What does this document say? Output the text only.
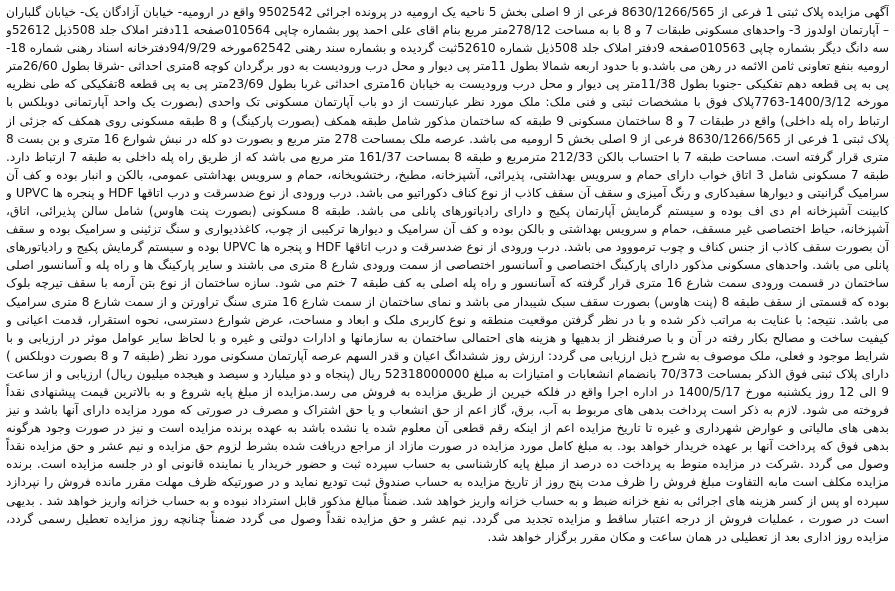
آگهی مزایده پلاک ثبتی 1 فرعی از 8630/1266/565 فرعی از 9 اصلی بخش 5 ناحیه یک ارومیه در پرونده اجرائی 9502542 واقع در ارومیه- خیابان آزادگان یک- خیابان گلباران – آپارتمان اولدوز 3- واحدهای مسکونی طبقات 7 و 8 با به مساحت 278/12متر مربع بنام اقای علی احمد پور بشماره چاپی 010564صفحه 11دفتر املاک جلد 508ذیل 52612و سه دانگ دیگر بشماره چاپی 010563صفحه 9دفتر املاک جلد 508ذیل شماره 52610ثبت گردیده و بشماره سند رهنی 62542مورخه 94/9/29دفترخانه اسناد رهنی شماره 18- ارومیه بنفع تعاونی ثامن الائمه در رهن می باشد.و با حدود اربعه شمالا بطول 11متر پی دیوار و محل درب ورودیست به دور برگردان کوچه 8متری احداثی -شرقا بطول 26/60متر پی به پی قطعه دهم تفکیکی -جنوبا بطول 11/38متر پی دیوار و محل درب ورودیست به خیابان 16متری احداثی غربا بطول 23/69متر پی به پی قطعه 8تفکیکی که طی نظریه مورخه 1400/3/12-7763پلاک فوق با مشخصات ثبتی و فنی ملک: ملک مورد نظر عبارتست از دو باب آپارتمان مسکونی تک واحدی (بصورت یک واحد آپارتمانی دوبلکس با ارتباط راه پله داخلی) واقع در طبقات 7 و 8 ساختمان مسکونی 9 طبقه که ساختمان مذکور شامل طبقه همکف (بصورت پارکینگ) و 8 طبقه مسکونی روی همکف که جزئی از پلاک ثبتی 1 فرعی از 8630/1266/565 فرعی از 9 اصلی بخش 5 ارومیه می باشد. عرصه ملک بمساحت 278 متر مربع و بصورت دو کله در نبش شوارع 16 متری و بن بست 8 متری قرار گرفته است. مساحت طبقه 7 با احتساب بالکن 212/33 مترمربع و طبقه 8 بمساحت 161/37 متر مربع می باشد که از طریق راه پله داخلی به طبقه 7 ارتباط دارد. طبقه 7 مسکونی شامل 3 اتاق خواب دارای حمام و سرویس بهداشتی، پذیرائی، آشپزخانه، مطبخ، رختشویخانه، حمام و سرویس بهداشتی عمومی، بالکن و انبار بوده و کف آن سرامیک گرانیتی و دیوارها سفیدکاری و رنگ آمیزی و سقف آن سقف کاذب از نوع کناف دکوراتیو می باشد. درب ورودی از نوع ضدسرقت و درب اتاقها HDF و پنجره ها UPVC و کابینت آشپزخانه ام دی اف بوده و سیستم گرمایش آپارتمان پکیج و دارای رادیاتورهای پانلی می باشد. طبقه 8 مسکونی (بصورت پنت هاوس) شامل سالن پذیرائی، اتاق، آشپزخانه، حیاط اختصاصی غیر مسقف، حمام و سرویس بهداشتی و بالکن بوده و کف آن سرامیک و دیوارها ترکیبی از چوب، کاغذدیواری و سنگ تزئینی و سرامیک بوده و سقف آن بصورت سقف کاذب از جنس کناف و چوب ترمووود می باشد. درب ورودی از نوع ضدسرقت و درب اتاقها HDF و پنجره ها UPVC بوده و سیستم گرمایش پکیج و رادیاتورهای پانلی می باشد. واحدهای مسکونی مذکور دارای پارکینگ اختصاصی و آسانسور اختصاصی از سمت ورودی شارع 8 متری می باشند و سایر پارکینگ ها و راه پله و آسانسور اصلی ساختمان در قسمت ورودی سمت شارع 16 متری قرار گرفته که آسانسور و راه پله اصلی به کف طبقه 7 ختم می شود. سازه ساختمان از نوع بتن آرمه با سقف تیرچه بلوک بوده که قسمتی از سقف طبقه 8 (پنت هاوس) بصورت سقف سبک شیبدار می باشد و نمای ساختمان از سمت شارع 16 متری سنگ تراورتن و از سمت شارع 8 متری سرامیک می باشد. نتیجه: با عنایت به مراتب ذکر شده و با در نظر گرفتن موقعیت منطقه و نوع کاربری ملک و ابعاد و مساحت، عرض شوارع دسترسی، نحوه استقرار، قدمت اعیانی و کیفیت ساخت و مصالح بکار رفته در آن و با صرفنظر از بدهیها و هزینه های احتمالی ساختمان به سازمانها و ادارات دولتی و غیره و با لحاظ سایر عوامل موثر در ارزیابی و با شرایط موجود و فعلی، ملک موصوف به شرح ذیل ارزیابی می گردد: ارزش روز ششدانگ اعیان و قدر السهم عرصه آپارتمان مسکونی مورد نظر (طبقه 7 و 8 بصورت دوبلکس ) دارای پلاک ثبتی فوق الذکر بمساحت 70/373 بانضمام انشعابات و امتیازات به مبلغ 52318000000 ریال (پنجاه و دو میلیارد و سیصد و هیجده میلیون ریال) ارزیابی و از ساعت 9 الی 12 روز یکشنبه مورخ 1400/5/17 در اداره اجرا واقع در فلکه خیرین از طریق مزایده به فروش می رسد.مزایده از مبلغ پایه شروع و به بالاترین قیمت پیشنهادی نقداً فروخته می شود. لازم به ذکر است پرداخت بدهی های مربوط به آب، برق، گاز اعم از حق انشعاب و یا حق اشتراک و مصرف در صورتی که مورد مزایده دارای آنها باشد و نیز بدهی های مالیاتی و عوارض شهرداری و غیره تا تاریخ مزایده اعم از اینکه رقم قطعی آن معلوم شده یا نشده باشد به عهده برنده مزایده است و نیز در صورت وجود هرگونه بدهی فوق که پرداخت آنها بر عهده خریدار خواهد بود. به مبلغ کامل مورد مزایده در صورت مازاد از مراجع دریافت شده بشرط لزوم حق مزایده و نیم عشر و حق مزایده نقداً وصول می گردد .شرکت در مزایده منوط به پرداخت ده درصد از مبلغ پایه کارشناسی به حساب سپرده ثبت و حضور خریدار یا نماینده قانونی او در جلسه مزایده است. برنده مزایده مکلف است مابه التفاوت مبلغ فروش را ظرف مدت پنج روز از تاریخ مزایده به حساب صندوق ثبت تودیع نماید و در صورتیکه ظرف مهلت مقرر مانده فروش را نپردازد سپرده او پس از کسر هزینه های اجرائی به نفع خزانه ضبط و به حساب خزانه واریز خواهد شد. ضمناً مبالغ مذکور قابل استرداد نبوده و به حساب خزانه واریز خواهد شد . بدیهی است در صورت ، عملیات فروش از درجه اعتبار ساقط و مزایده تجدید می گردد. نیم عشر و حق مزایده نقداً وصول می گردد ضمناً چنانچه روز مزایده تعطیل رسمی گردد، مزایده روز اداری بعد از تعطیلی در همان ساعت و مکان مقرر برگزار خواهد شد.
